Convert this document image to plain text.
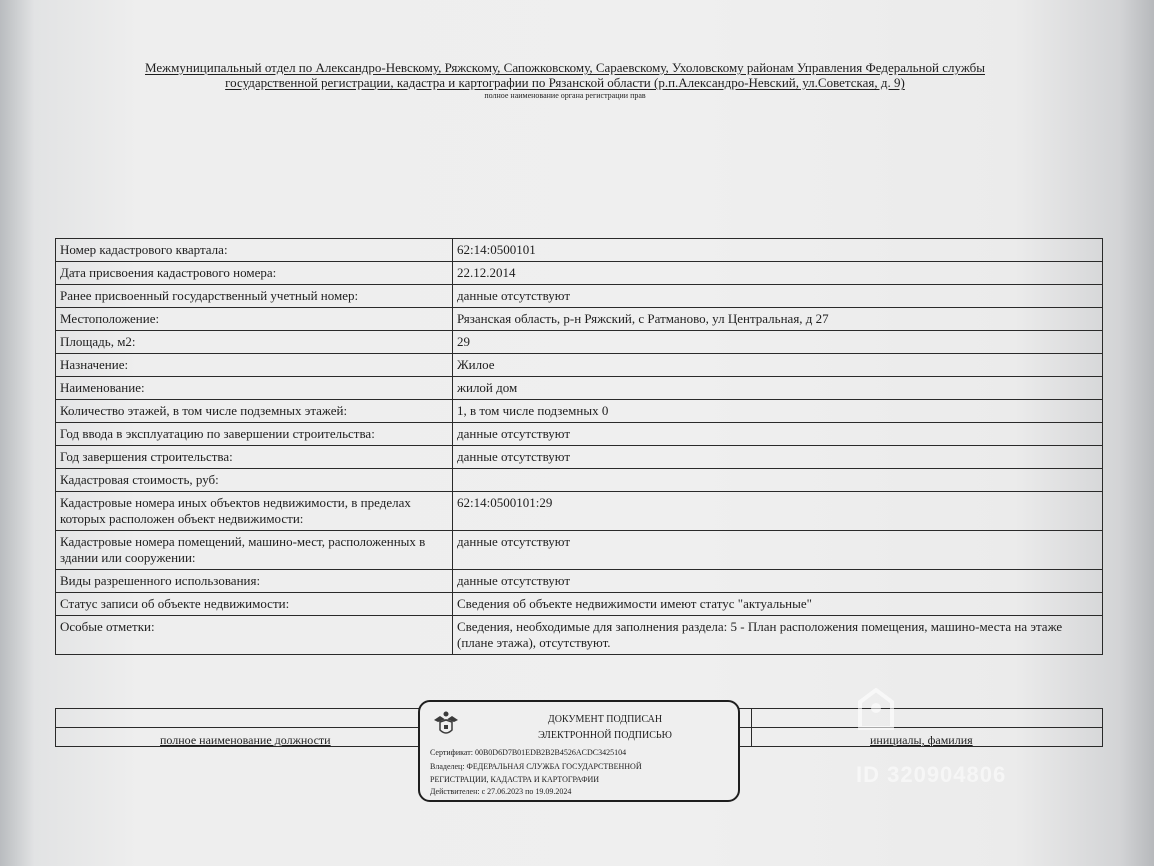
Межмуниципальный отдел по Александро-Невскому, Ряжскому, Сапожковскому, Сараевскому, Ухоловскому районам Управления Федеральной службы
государственной регистрации, кадастра и картографии по Рязанской области (р.п.Александро-Невский, ул.Советская, д. 9)
полное наименование органа регистрации прав
Номер кадастрового квартала:	62:14:0500101
Дата присвоения кадастрового номера:	22.12.2014
Ранее присвоенный государственный учетный номер:	данные отсутствуют
Местоположение:	Рязанская область, р-н Ряжский, с Ратманово, ул Центральная, д 27
Площадь, м2:	29
Назначение:	Жилое
Наименование:	жилой дом
Количество этажей, в том числе подземных этажей:	1, в том числе подземных 0
Год ввода в эксплуатацию по завершении строительства:	данные отсутствуют
Год завершения строительства:	данные отсутствуют
Кадастровая стоимость, руб:	
Кадастровые номера иных объектов недвижимости, в пределах которых расположен объект недвижимости:	62:14:0500101:29
Кадастровые номера помещений, машино-мест, расположенных в здании или сооружении:	данные отсутствуют
Виды разрешенного использования:	данные отсутствуют
Статус записи об объекте недвижимости:	Сведения об объекте недвижимости имеют статус "актуальные"
Особые отметки:	Сведения, необходимые для заполнения раздела: 5 - План расположения помещения, машино-места на этаже (плане этажа), отсутствуют.

полное наименование должности	инициалы, фамилия
ДОКУМЕНТ ПОДПИСАН
ЭЛЕКТРОННОЙ ПОДПИСЬЮ
Сертификат: 00B0D6D7B01EDB2B2B4526ACDC3425104
Владелец: ФЕДЕРАЛЬНАЯ СЛУЖБА ГОСУДАРСТВЕННОЙ
РЕГИСТРАЦИИ, КАДАСТРА И КАРТОГРАФИИ
Действителен: с 27.06.2023 по 19.09.2024
ID 320904806
